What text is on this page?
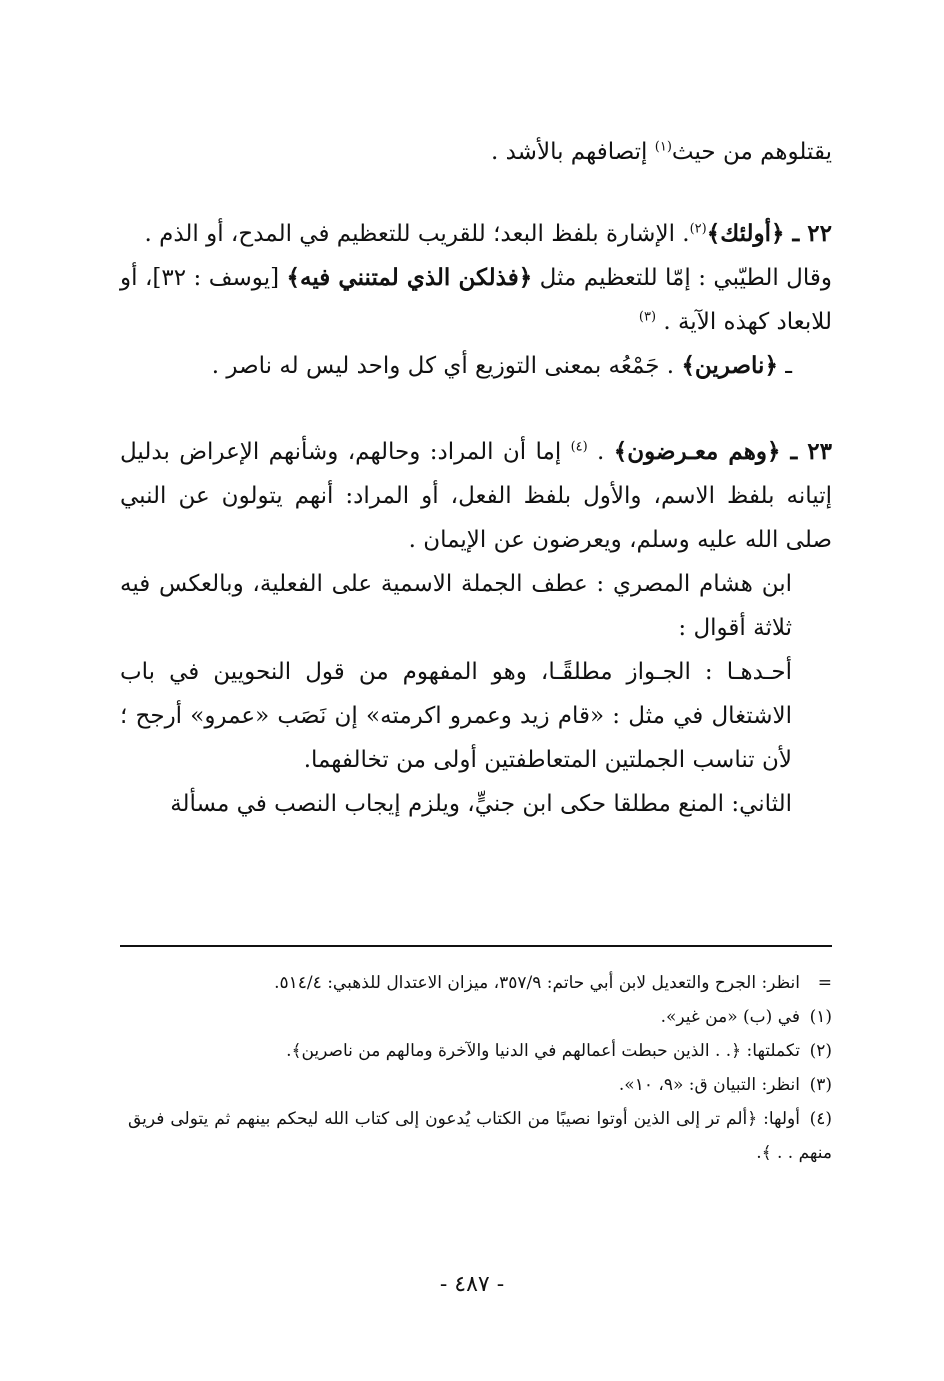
يقتلوهم من حيث$^{(١)}$ إتصافهم بالأشد .

٢٢ ـ ﴿أولئك﴾$^{(٢)}$. الإشارة بلفظ البعد؛ للقريب للتعظيم في المدح، أو الذم .

وقال الطيّبي : إمّا للتعظيم مثل ﴿فذلكن الذي لمتنني فيه﴾ [يوسف : ٣٢]، أو للابعاد كهذه الآية . $^{(٣)}$

ـ ﴿ناصرين﴾ . جَمْعُه بمعنى التوزيع أي كل واحد ليس له ناصر .

٢٣ ـ ﴿وهم معـرضون﴾ . $^{(٤)}$ إما أن المراد: وحالهم، وشأنهم الإعراض بدليل إتيانه بلفظ الاسم، والأول بلفظ الفعل، أو المراد: أنهم يتولون عن النبي صلى الله عليه وسلم، ويعرضون عن الإيمان .

ابن هشام المصري : عطف الجملة الاسمية على الفعلية، وبالعكس فيه ثلاثة أقوال :

أحـدهـا : الجـواز مطلقًـا، وهو المفهوم من قول النحويين في باب الاشتغال في مثل : «قام زيد وعمرو اكرمته» إن نَصَب «عمرو» أرجح ؛ لأن تناسب الجملتين المتعاطفتين أولى من تخالفهما.

الثاني: المنع مطلقا حكى ابن جنيٍّ، ويلزم إيجاب النصب في مسألة

=انظر: الجرح والتعديل لابن أبي حاتم: ٣٥٧/٩، ميزان الاعتدال للذهبي: ٥١٤/٤.

(١)في (ب) «من غير».

(٢)تكملتها: ﴿. . الذين حبطت أعمالهم في الدنيا والآخرة ومالهم من ناصرين﴾.

(٣)انظر: التبيان ق: «٩، ١٠».

(٤)أولها: ﴿ألم تر إلى الذين أوتوا نصيبًا من الكتاب يُدعون إلى كتاب الله ليحكم بينهم ثم يتولى فريق منهم . . ﴾.

- ٤٨٧ -
